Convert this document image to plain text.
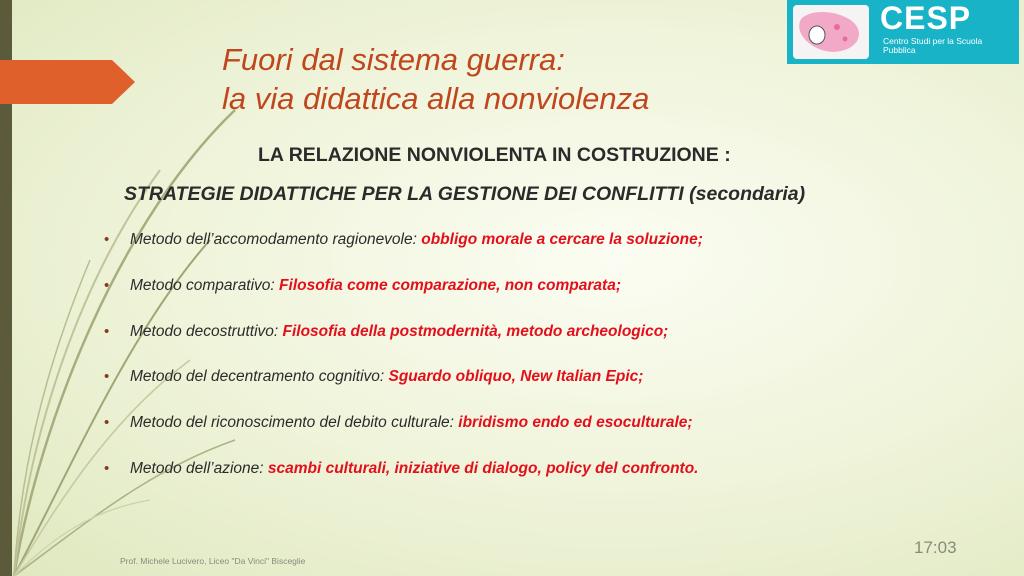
CESP
Centro Studi per la Scuola Pubblica
Fuori dal sistema guerra:
la via didattica alla nonviolenza
LA RELAZIONE NONVIOLENTA IN COSTRUZIONE :
STRATEGIE DIDATTICHE PER LA GESTIONE DEI CONFLITTI (secondaria)
• Metodo dell’accomodamento ragionevole: obbligo morale a cercare la soluzione;
• Metodo comparativo: Filosofia come comparazione, non comparata;
• Metodo decostruttivo: Filosofia della postmodernità, metodo archeologico;
• Metodo del decentramento cognitivo: Sguardo obliquo, New Italian Epic;
• Metodo del riconoscimento del debito culturale: ibridismo endo ed esoculturale;
• Metodo dell’azione: scambi culturali, iniziative di dialogo, policy del confronto.
Prof. Michele Lucivero, Liceo "Da Vinci" Bisceglie
17:03
